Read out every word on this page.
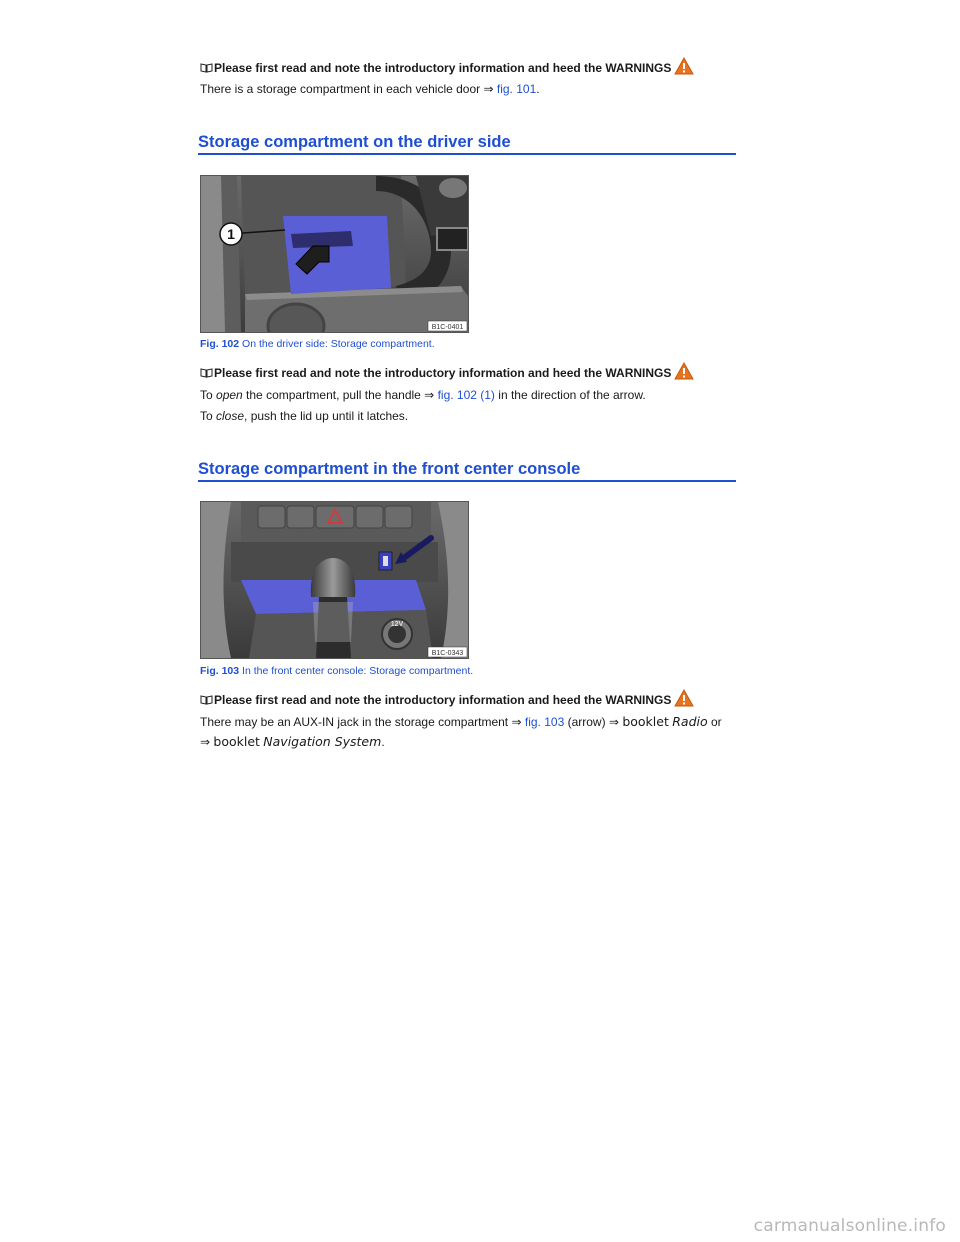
Please first read and note the introductory information and heed the WARNINGS
There is a storage compartment in each vehicle door ⇒ fig. 101.
Storage compartment on the driver side
1
B1C-0401
Fig. 102 On the driver side: Storage compartment.
Please first read and note the introductory information and heed the WARNINGS
To open the compartment, pull the handle ⇒ fig. 102 (1) in the direction of the arrow.
To close, push the lid up until it latches.
Storage compartment in the front center console
12V
B1C-0343
Fig. 103 In the front center console: Storage compartment.
Please first read and note the introductory information and heed the WARNINGS
There may be an AUX-IN jack in the storage compartment ⇒ fig. 103 (arrow) ⇒ booklet Radio or
⇒ booklet Navigation System.
carmanualsonline.info
